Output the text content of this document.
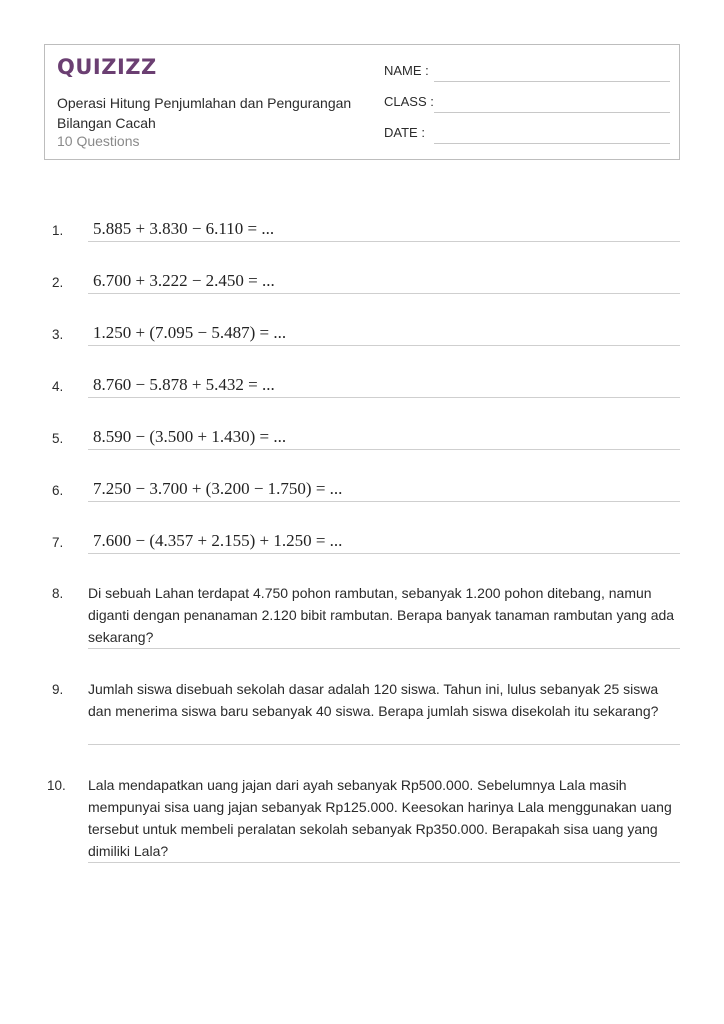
QUIZIZZ
Operasi Hitung Penjumlahan dan Pengurangan Bilangan Cacah
10 Questions
NAME :
CLASS :
DATE :
1. 5.885 + 3.830 − 6.110 = ...
2. 6.700 + 3.222 − 2.450 = ...
3. 1.250 + (7.095 − 5.487) = ...
4. 8.760 − 5.878 + 5.432 = ...
5. 8.590 − (3.500 + 1.430) = ...
6. 7.250 − 3.700 + (3.200 − 1.750) = ...
7. 7.600 − (4.357 + 2.155) + 1.250 = ...
8. Di sebuah Lahan terdapat 4.750 pohon rambutan, sebanyak 1.200 pohon ditebang, namun diganti dengan penanaman 2.120 bibit rambutan. Berapa banyak tanaman rambutan yang ada sekarang?
9. Jumlah siswa disebuah sekolah dasar adalah 120 siswa. Tahun ini, lulus sebanyak 25 siswa dan menerima siswa baru sebanyak 40 siswa. Berapa jumlah siswa disekolah itu sekarang?
10. Lala mendapatkan uang jajan dari ayah sebanyak Rp500.000. Sebelumnya Lala masih mempunyai sisa uang jajan sebanyak Rp125.000. Keesokan harinya Lala menggunakan uang tersebut untuk membeli peralatan sekolah sebanyak Rp350.000. Berapakah sisa uang yang dimiliki Lala?
